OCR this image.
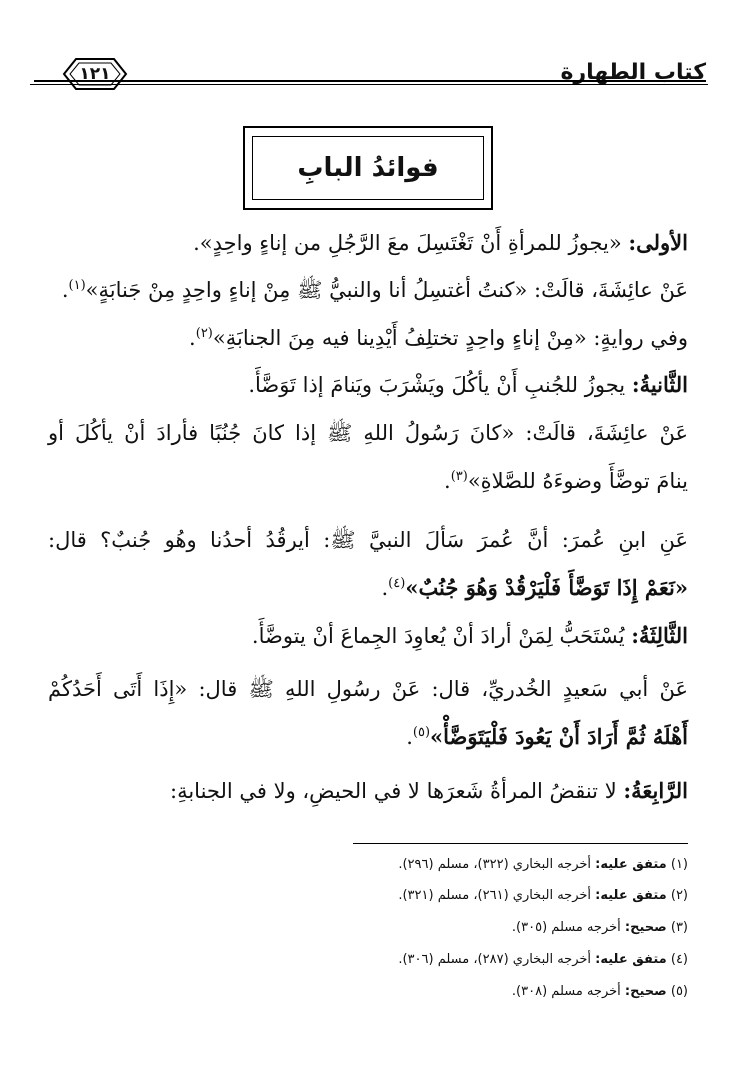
١٢١	كتاب الطهارة
فوائدُ البابِ
الأولى: «يجوزُ للمرأةِ أَنْ تَغْتَسِلَ معَ الرَّجُلِ من إناءٍ واحِدٍ».
عَنْ عائِشَةَ، قالَتْ: «كنتُ أغتسِلُ أنا والنبيُّ ﷺ مِنْ إناءٍ واحِدٍ مِنْ جَنابَةٍ»$^{(١)}$.
وفي روايةٍ: «مِنْ إناءٍ واحِدٍ تختلِفُ أَيْدِينا فيه مِنَ الجنابَةِ»$^{(٢)}$.
الثَّانيةُ: يجوزُ للجُنبِ أَنْ يأكُلَ ويَشْرَبَ ويَنامَ إذا تَوَضَّأَ.
عَنْ عائِشَةَ، قالَتْ: «كانَ رَسُولُ اللهِ ﷺ إذا كانَ جُنُبًا فأرادَ أنْ يأكُلَ أو
ينامَ توضَّأَ وضوءَهُ للصَّلاةِ»$^{(٣)}$.
عَنِ ابنِ عُمرَ: أنَّ عُمرَ سَألَ النبيَّ ﷺ: أيرقُدُ أحدُنا وهُو جُنبٌ؟ قال:
«نَعَمْ إِذَا تَوَضَّأَ فَلْيَرْقُدْ وَهُوَ جُنُبٌ»$^{(٤)}$.
الثَّالِثَةُ: يُسْتَحَبُّ لِمَنْ أرادَ أنْ يُعاوِدَ الجِماعَ أنْ يتوضَّأَ.
عَنْ أبي سَعيدٍ الخُدريِّ، قال: عَنْ رسُولِ اللهِ ﷺ قال: «إِذَا أَتَى أَحَدُكُمْ
أَهْلَهُ ثُمَّ أَرَادَ أَنْ يَعُودَ فَلْيَتَوَضَّأْ»$^{(٥)}$.
الرَّابِعَةُ: لا تنقضُ المرأةُ شَعرَها لا في الحيضِ، ولا في الجنابةِ:
(١) متفق عليه: أخرجه البخاري (٣٢٢)، مسلم (٢٩٦).
(٢) متفق عليه: أخرجه البخاري (٢٦١)، مسلم (٣٢١).
(٣) صحيح: أخرجه مسلم (٣٠٥).
(٤) متفق عليه: أخرجه البخاري (٢٨٧)، مسلم (٣٠٦).
(٥) صحيح: أخرجه مسلم (٣٠٨).
